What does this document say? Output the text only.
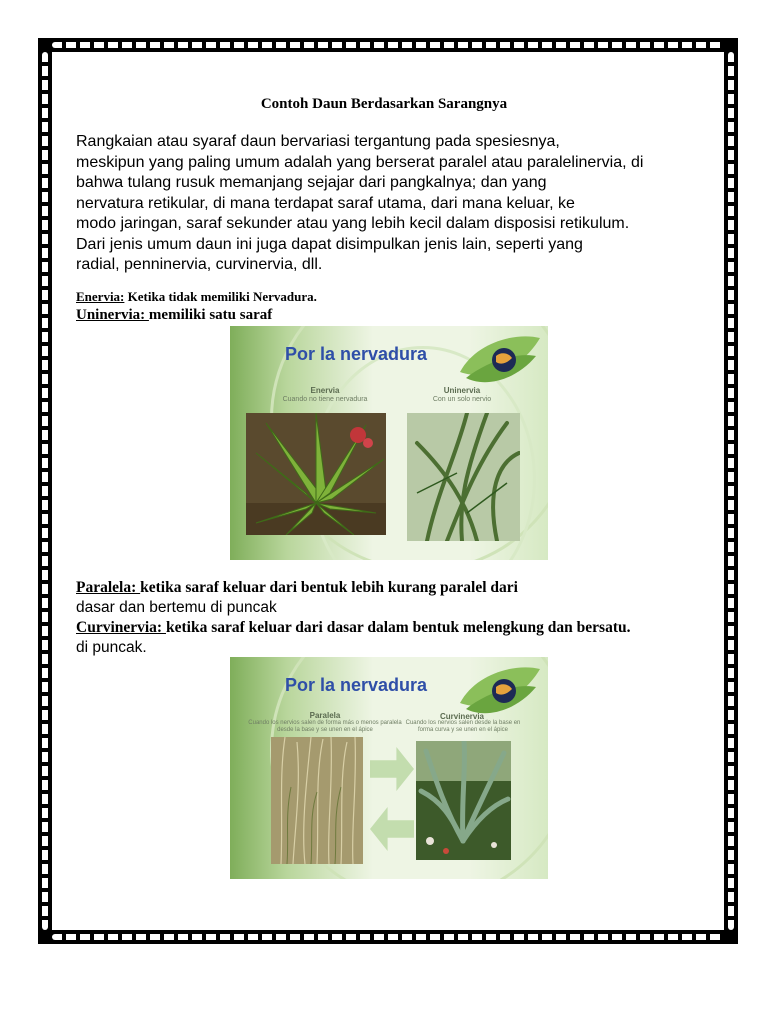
Contoh Daun Berdasarkan Sarangnya
Rangkaian atau syaraf daun bervariasi tergantung pada spesiesnya,
meskipun yang paling umum adalah yang berserat paralel atau paralelinervia, di
bahwa tulang rusuk memanjang sejajar dari pangkalnya; dan yang
nervatura retikular, di mana terdapat saraf utama, dari mana keluar, ke
modo jaringan, saraf sekunder atau yang lebih kecil dalam disposisi retikulum.
Dari jenis umum daun ini juga dapat disimpulkan jenis lain, seperti yang
radial, penninervia, curvinervia, dll.
Enervia: Ketika tidak memiliki Nervadura.
Uninervia: memiliki satu saraf
Por la nervadura
Enervia
Cuando no tiene nervadura
Uninervia
Con un solo nervio
Paralela: ketika saraf keluar dari bentuk lebih kurang paralel dari
dasar dan bertemu di puncak
Curvinervia: ketika saraf keluar dari dasar dalam bentuk melengkung dan bersatu.
di puncak.
Por la nervadura
Paralela
Cuando los nervios salen de forma más o menos paralela desde la base y se unen en el ápice
Curvinervia
Cuando los nervios salen desde la base en forma curva y se unen en el ápice
